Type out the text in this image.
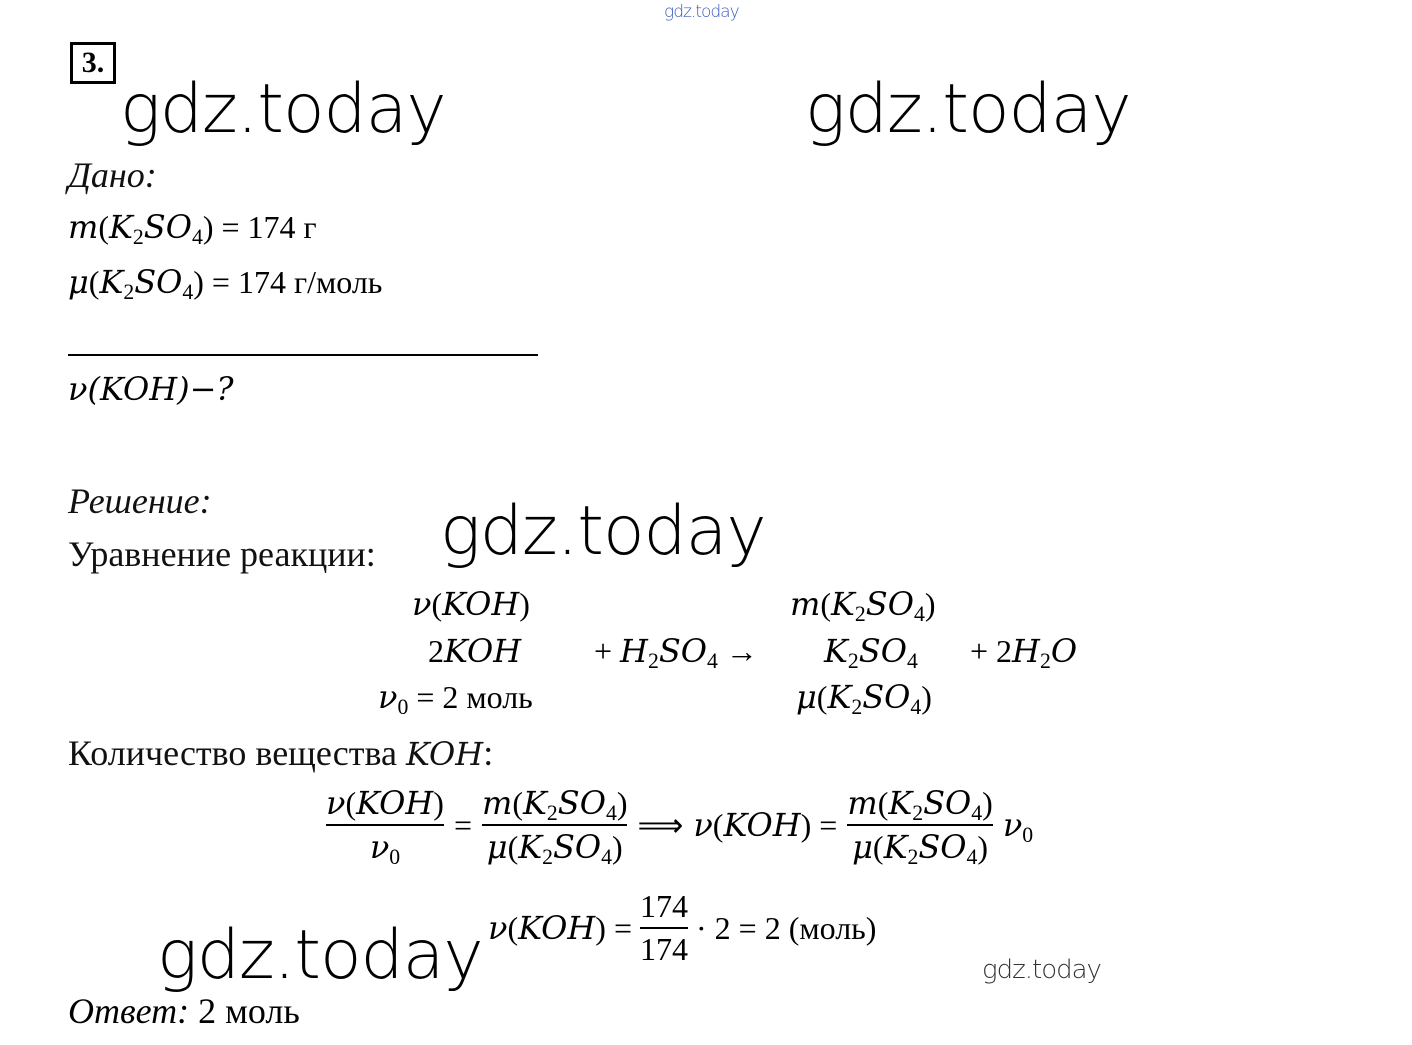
gdz.today
gdz.today	gdz.today
gdz.today
gdz.today	gdz.today
3.
Дано:
$m(K_2SO_4) = 174$ г
$\mu(K_2SO_4) = 174$ г/моль
ν(KOH)−?
Решение:
Уравнение реакции:
ν(KOH)	$m(K_2SO_4)$
$2KOH + H_2SO_4 \to K_2SO_4 + 2H_2O$
$\nu_0 = 2$ моль	$\mu(K_2SO_4)$
Количество вещества KOH:
$\frac{\text{ν(KOH)}}{\nu_0} = \frac{m(K_2SO_4)}{\mu(K_2SO_4)}$ ⟹ $\nu(KOH) = \frac{m(K_2SO_4)}{\mu(K_2SO_4)} \nu_0$
$\nu(KOH) = \frac{174}{174} \cdot 2 = 2$ (моль)
Ответ: 2 моль
